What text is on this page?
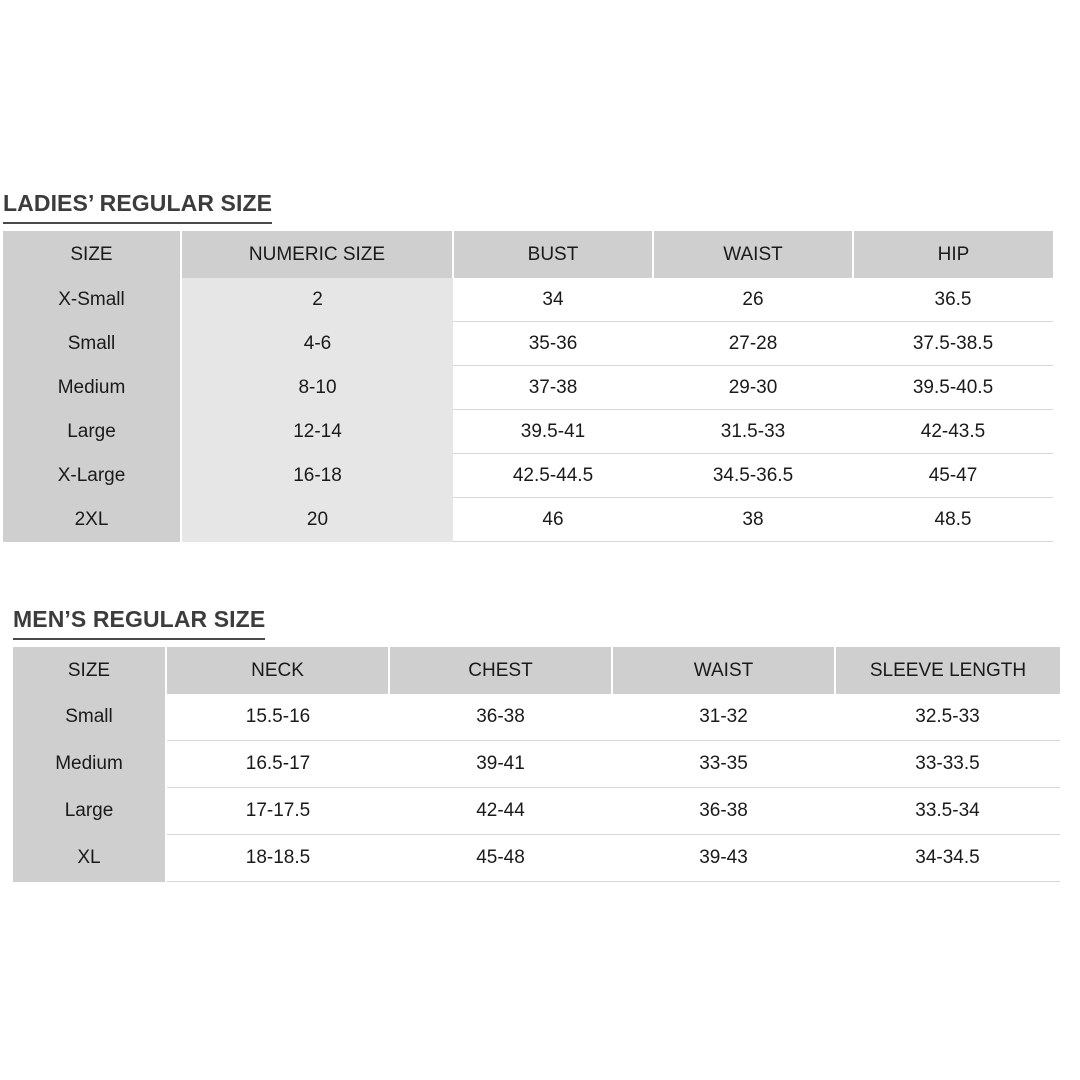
LADIES’ REGULAR SIZE
SIZE	NUMERIC SIZE	BUST	WAIST	HIP
X-Small	2	34	26	36.5
Small	4-6	35-36	27-28	37.5-38.5
Medium	8-10	37-38	29-30	39.5-40.5
Large	12-14	39.5-41	31.5-33	42-43.5
X-Large	16-18	42.5-44.5	34.5-36.5	45-47
2XL	20	46	38	48.5
MEN’S REGULAR SIZE
SIZE	NECK	CHEST	WAIST	SLEEVE LENGTH
Small	15.5-16	36-38	31-32	32.5-33
Medium	16.5-17	39-41	33-35	33-33.5
Large	17-17.5	42-44	36-38	33.5-34
XL	18-18.5	45-48	39-43	34-34.5
